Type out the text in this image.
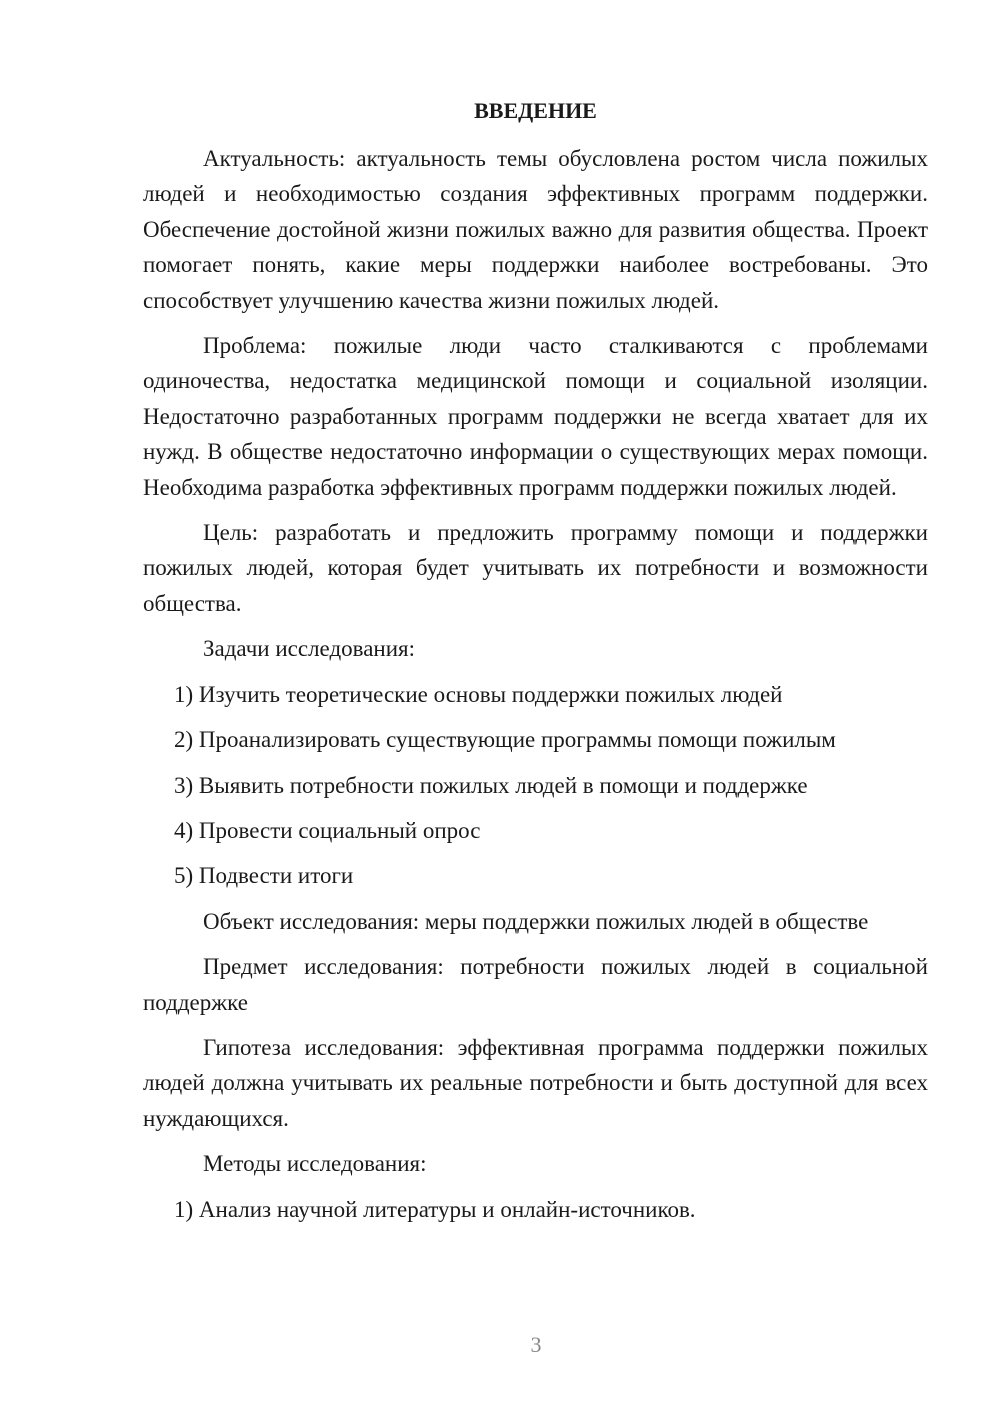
ВВЕДЕНИЕ

Актуальность: актуальность темы обусловлена ростом числа пожилых людей и необходимостью создания эффективных программ поддержки. Обеспечение достойной жизни пожилых важно для развития общества. Проект помогает понять, какие меры поддержки наиболее востребованы. Это способствует улучшению качества жизни пожилых людей.

Проблема: пожилые люди часто сталкиваются с проблемами одиночества, недостатка медицинской помощи и социальной изоляции. Недостаточно разработанных программ поддержки не всегда хватает для их нужд. В обществе недостаточно информации о существующих мерах помощи. Необходима разработка эффективных программ поддержки пожилых людей.

Цель: разработать и предложить программу помощи и поддержки пожилых людей, которая будет учитывать их потребности и возможности общества.

Задачи исследования:

1) Изучить теоретические основы поддержки пожилых людей

2) Проанализировать существующие программы помощи пожилым

3) Выявить потребности пожилых людей в помощи и поддержке

4) Провести социальный опрос

5) Подвести итоги

Объект исследования: меры поддержки пожилых людей в обществе

Предмет исследования: потребности пожилых людей в социальной поддержке

Гипотеза исследования: эффективная программа поддержки пожилых людей должна учитывать их реальные потребности и быть доступной для всех нуждающихся.

Методы исследования:

1) Анализ научной литературы и онлайн-источников.

3
